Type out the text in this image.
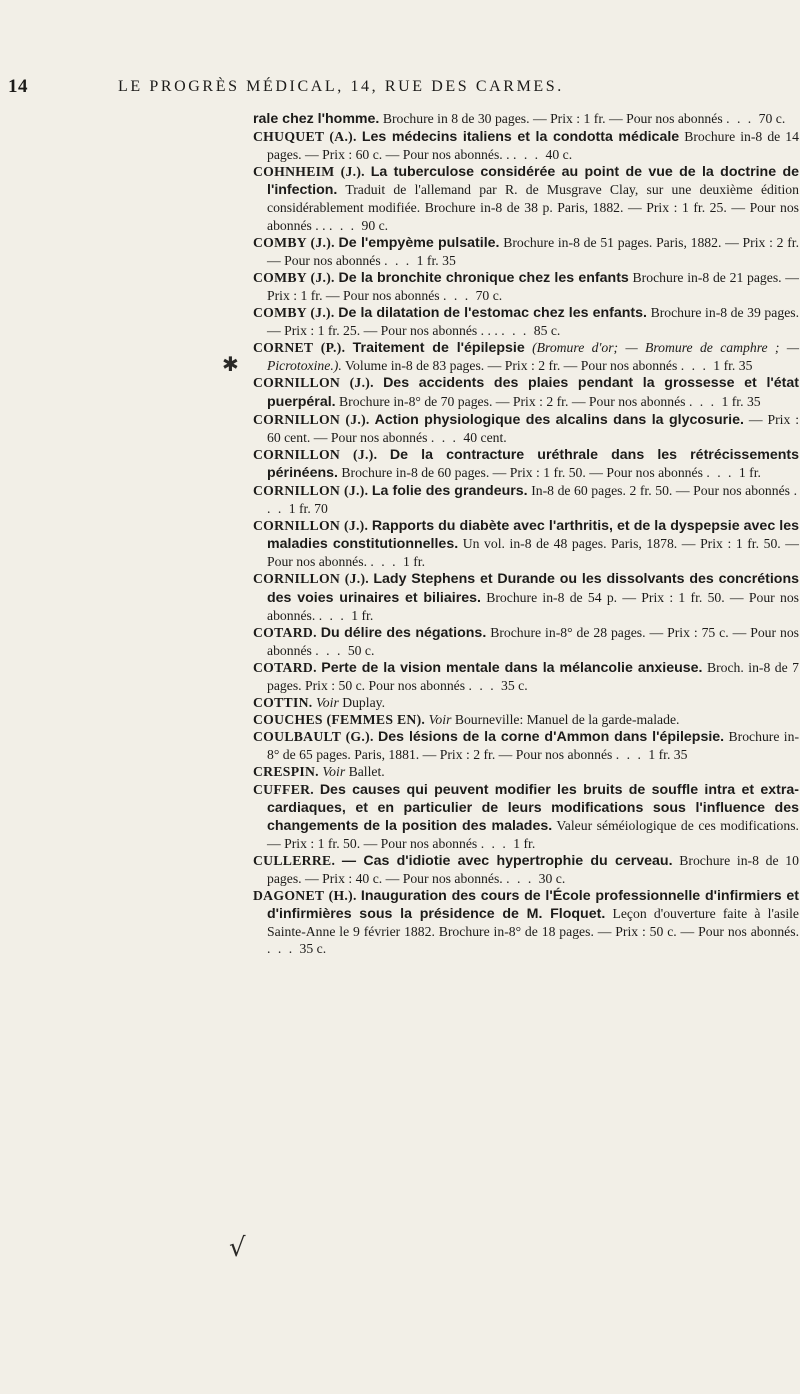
14	LE PROGRÈS MÉDICAL, 14, RUE DES CARMES.
✱
√
rale chez l'homme. Brochure in 8 de 30 pages. — Prix : 1 fr. — Pour nos abonnés . . . 70 c.
CHUQUET (A.). Les médecins italiens et la condotta médicale Brochure in-8 de 14 pages. — Prix : 60 c. — Pour nos abonnés. . . . . 40 c.
COHNHEIM (J.). La tuberculose considérée au point de vue de la doctrine de l'infection. Traduit de l'allemand par R. de Musgrave Clay, sur une deuxième édition considérablement modifiée. Brochure in-8 de 38 p. Paris, 1882. — Prix : 1 fr. 25. — Pour nos abonnés . . . . . 90 c.
COMBY (J.). De l'empyème pulsatile. Brochure in-8 de 51 pages. Paris, 1882. — Prix : 2 fr. — Pour nos abonnés . . . 1 fr. 35
COMBY (J.). De la bronchite chronique chez les enfants Brochure in-8 de 21 pages. — Prix : 1 fr. — Pour nos abonnés . . . 70 c.
COMBY (J.). De la dilatation de l'estomac chez les enfants. Brochure in-8 de 39 pages. — Prix : 1 fr. 25. — Pour nos abonnés . . . . . . 85 c.
CORNET (P.). Traitement de l'épilepsie (Bromure d'or; — Bromure de camphre ; — Picrotoxine.). Volume in-8 de 83 pages. — Prix : 2 fr. — Pour nos abonnés . . . 1 fr. 35
CORNILLON (J.). Des accidents des plaies pendant la grossesse et l'état puerpéral. Brochure in-8° de 70 pages. — Prix : 2 fr. — Pour nos abonnés . . . 1 fr. 35
CORNILLON (J.). Action physiologique des alcalins dans la glycosurie. — Prix : 60 cent. — Pour nos abonnés . . . 40 cent.
CORNILLON (J.). De la contracture uréthrale dans les rétrécissements périnéens. Brochure in-8 de 60 pages. — Prix : 1 fr. 50. — Pour nos abonnés . . . 1 fr.
CORNILLON (J.). La folie des grandeurs. In-8 de 60 pages. 2 fr. 50. — Pour nos abonnés . . . 1 fr. 70
CORNILLON (J.). Rapports du diabète avec l'arthritis, et de la dyspepsie avec les maladies constitutionnelles. Un vol. in-8 de 48 pages. Paris, 1878. — Prix : 1 fr. 50. — Pour nos abonnés. . . . 1 fr.
CORNILLON (J.). Lady Stephens et Durande ou les dissolvants des concrétions des voies urinaires et biliaires. Brochure in-8 de 54 p. — Prix : 1 fr. 50. — Pour nos abonnés. . . . 1 fr.
COTARD. Du délire des négations. Brochure in-8° de 28 pages. — Prix : 75 c. — Pour nos abonnés . . . 50 c.
COTARD. Perte de la vision mentale dans la mélancolie anxieuse. Broch. in-8 de 7 pages. Prix : 50 c. Pour nos abonnés . . . 35 c.
COTTIN. Voir Duplay.
COUCHES (FEMMES EN). Voir Bourneville: Manuel de la garde-malade.
COULBAULT (G.). Des lésions de la corne d'Ammon dans l'épilepsie. Brochure in-8° de 65 pages. Paris, 1881. — Prix : 2 fr. — Pour nos abonnés . . . 1 fr. 35
CRESPIN. Voir Ballet.
CUFFER. Des causes qui peuvent modifier les bruits de souffle intra et extra-cardiaques, et en particulier de leurs modifications sous l'influence des changements de la position des malades. Valeur séméiologique de ces modifications. — Prix : 1 fr. 50. — Pour nos abonnés . . . 1 fr.
CULLERRE. — Cas d'idiotie avec hypertrophie du cerveau. Brochure in-8 de 10 pages. — Prix : 40 c. — Pour nos abonnés. . . . 30 c.
DAGONET (H.). Inauguration des cours de l'École professionnelle d'infirmiers et d'infirmières sous la présidence de M. Floquet. Leçon d'ouverture faite à l'asile Sainte-Anne le 9 février 1882. Brochure in-8° de 18 pages. — Prix : 50 c. — Pour nos abonnés. . . . 35 c.
